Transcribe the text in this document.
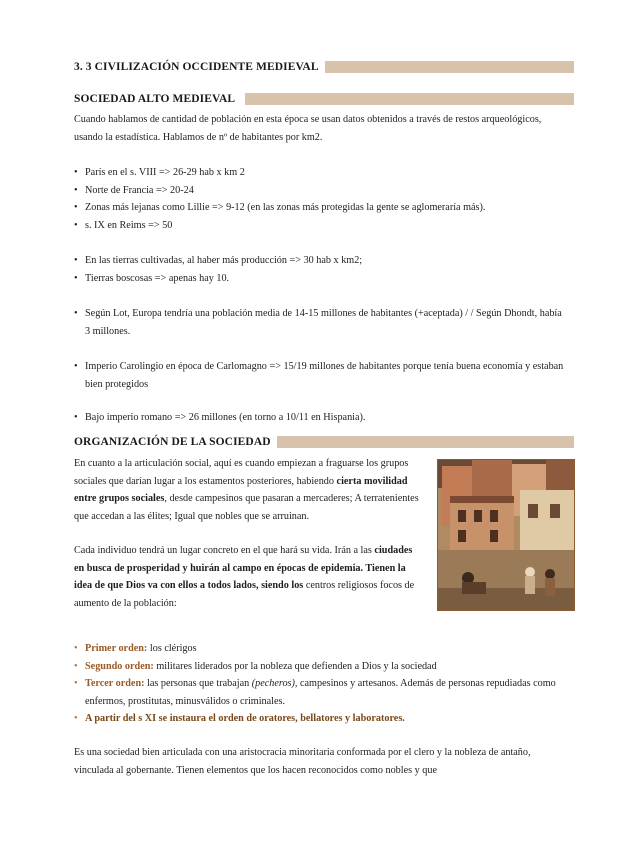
3. 3 CIVILIZACIÓN OCCIDENTE MEDIEVAL
SOCIEDAD ALTO MEDIEVAL

Cuando hablamos de cantidad de población en esta época se usan datos obtenidos a través de restos arqueológicos, usando la estadística. Hablamos de nº de habitantes por km2.

• París en el s. VIII => 26-29 hab x km 2
• Norte de Francia => 20-24
• Zonas más lejanas como Lillie => 9-12 (en las zonas más protegidas la gente se aglomeraría más).
• s. IX en Reims => 50
• En las tierras cultivadas, al haber más producción => 30 hab x km2;
• Tierras boscosas => apenas hay 10.
• Según Lot, Europa tendría una población media de 14-15 millones de habitantes (+aceptada) / / Según Dhondt, había 3 millones.
• Imperio Carolingio en época de Carlomagno => 15/19 millones de habitantes porque tenía buena economía y estaban bien protegidos
• Bajo imperio romano => 26 millones (en torno a 10/11 en Hispania).
ORGANIZACIÓN DE LA SOCIEDAD

En cuanto a la articulación social, aquí es cuando empiezan a fraguarse los grupos sociales que darían lugar a los estamentos posteriores, habiendo cierta movilidad entre grupos sociales, desde campesinos que pasaran a mercaderes; A terratenientes que accedan a las élites; Igual que nobles que se arruinan.

Cada individuo tendrá un lugar concreto en el que hará su vida. Irán a las ciudades en busca de prosperidad y huirán al campo en épocas de epidemia. Tienen la idea de que Dios va con ellos a todos lados, siendo los centros religiosos focos de aumento de la población:

• Primer orden: los clérigos
• Segundo orden: militares liderados por la nobleza que defienden a Dios y la sociedad
• Tercer orden: las personas que trabajan (pecheros), campesinos y artesanos. Además de personas repudiadas como enfermos, prostitutas, minusválidos o criminales.
• A partir del s XI se instaura el orden de oratores, bellatores y laboratores.

Es una sociedad bien articulada con una aristocracia minoritaria conformada por el clero y la nobleza de antaño, vinculada al gobernante. Tienen elementos que los hacen reconocidos como nobles y que
